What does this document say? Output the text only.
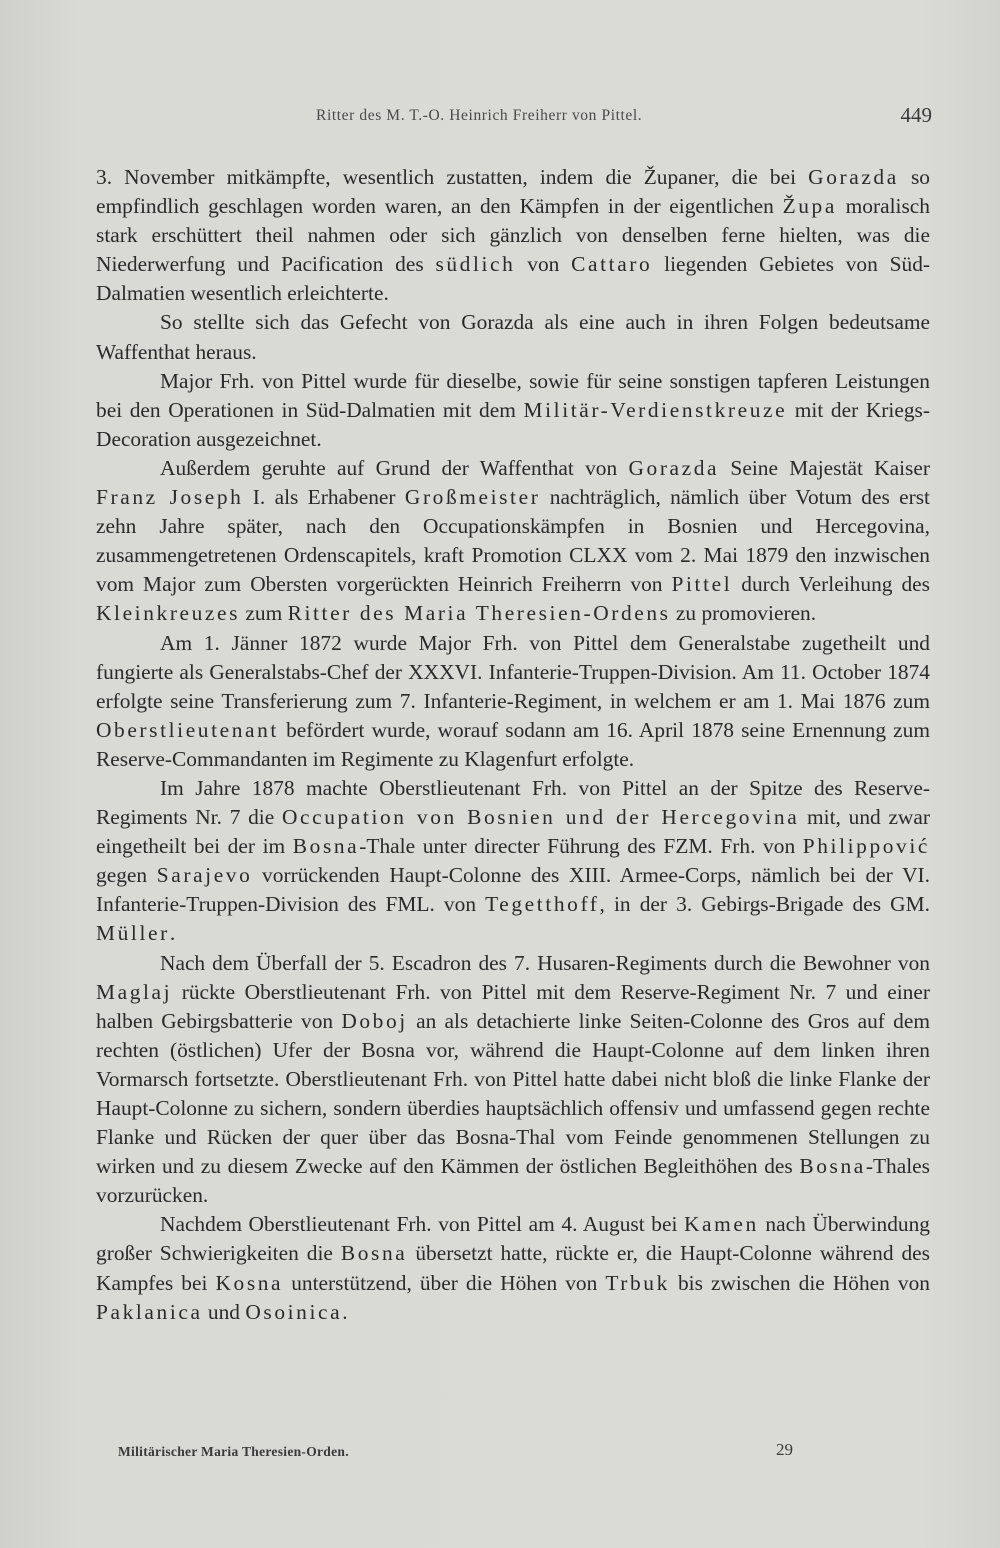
Ritter des M. T.-O. Heinrich Freiherr von Pittel.	449

3. November mitkämpfte, wesentlich zustatten, indem die Županer, die bei Gorazda so empfindlich geschlagen worden waren, an den Kämpfen in der eigentlichen Župa moralisch stark erschüttert theil nahmen oder sich gänzlich von denselben ferne hielten, was die Niederwerfung und Pacification des südlich von Cattaro liegenden Gebietes von Süd-Dalmatien wesentlich erleichterte.

So stellte sich das Gefecht von Gorazda als eine auch in ihren Folgen bedeutsame Waffenthat heraus.

Major Frh. von Pittel wurde für dieselbe, sowie für seine sonstigen tapferen Leistungen bei den Operationen in Süd-Dalmatien mit dem Militär-Verdienstkreuze mit der Kriegs-Decoration ausgezeichnet.

Außerdem geruhte auf Grund der Waffenthat von Gorazda Seine Majestät Kaiser Franz Joseph I. als Erhabener Großmeister nachträglich, nämlich über Votum des erst zehn Jahre später, nach den Occupationskämpfen in Bosnien und Hercegovina, zusammengetretenen Ordenscapitels, kraft Promotion CLXX vom 2. Mai 1879 den inzwischen vom Major zum Obersten vorgerückten Heinrich Freiherrn von Pittel durch Verleihung des Kleinkreuzes zum Ritter des Maria Theresien-Ordens zu promovieren.

Am 1. Jänner 1872 wurde Major Frh. von Pittel dem Generalstabe zugetheilt und fungierte als Generalstabs-Chef der XXXVI. Infanterie-Truppen-Division. Am 11. October 1874 erfolgte seine Transferierung zum 7. Infanterie-Regiment, in welchem er am 1. Mai 1876 zum Oberstlieutenant befördert wurde, worauf sodann am 16. April 1878 seine Ernennung zum Reserve-Commandanten im Regimente zu Klagenfurt erfolgte.

Im Jahre 1878 machte Oberstlieutenant Frh. von Pittel an der Spitze des Reserve-Regiments Nr. 7 die Occupation von Bosnien und der Hercegovina mit, und zwar eingetheilt bei der im Bosna-Thale unter directer Führung des FZM. Frh. von Philippović gegen Sarajevo vorrückenden Haupt-Colonne des XIII. Armee-Corps, nämlich bei der VI. Infanterie-Truppen-Division des FML. von Tegetthoff, in der 3. Gebirgs-Brigade des GM. Müller.

Nach dem Überfall der 5. Escadron des 7. Husaren-Regiments durch die Bewohner von Maglaj rückte Oberstlieutenant Frh. von Pittel mit dem Reserve-Regiment Nr. 7 und einer halben Gebirgsbatterie von Doboj an als detachierte linke Seiten-Colonne des Gros auf dem rechten (östlichen) Ufer der Bosna vor, während die Haupt-Colonne auf dem linken ihren Vormarsch fortsetzte. Oberstlieutenant Frh. von Pittel hatte dabei nicht bloß die linke Flanke der Haupt-Colonne zu sichern, sondern überdies hauptsächlich offensiv und umfassend gegen rechte Flanke und Rücken der quer über das Bosna-Thal vom Feinde genommenen Stellungen zu wirken und zu diesem Zwecke auf den Kämmen der östlichen Begleithöhen des Bosna-Thales vorzurücken.

Nachdem Oberstlieutenant Frh. von Pittel am 4. August bei Kamen nach Überwindung großer Schwierigkeiten die Bosna übersetzt hatte, rückte er, die Haupt-Colonne während des Kampfes bei Kosna unterstützend, über die Höhen von Trbuk bis zwischen die Höhen von Paklanica und Osoinica.

Militärischer Maria Theresien-Orden.	29
